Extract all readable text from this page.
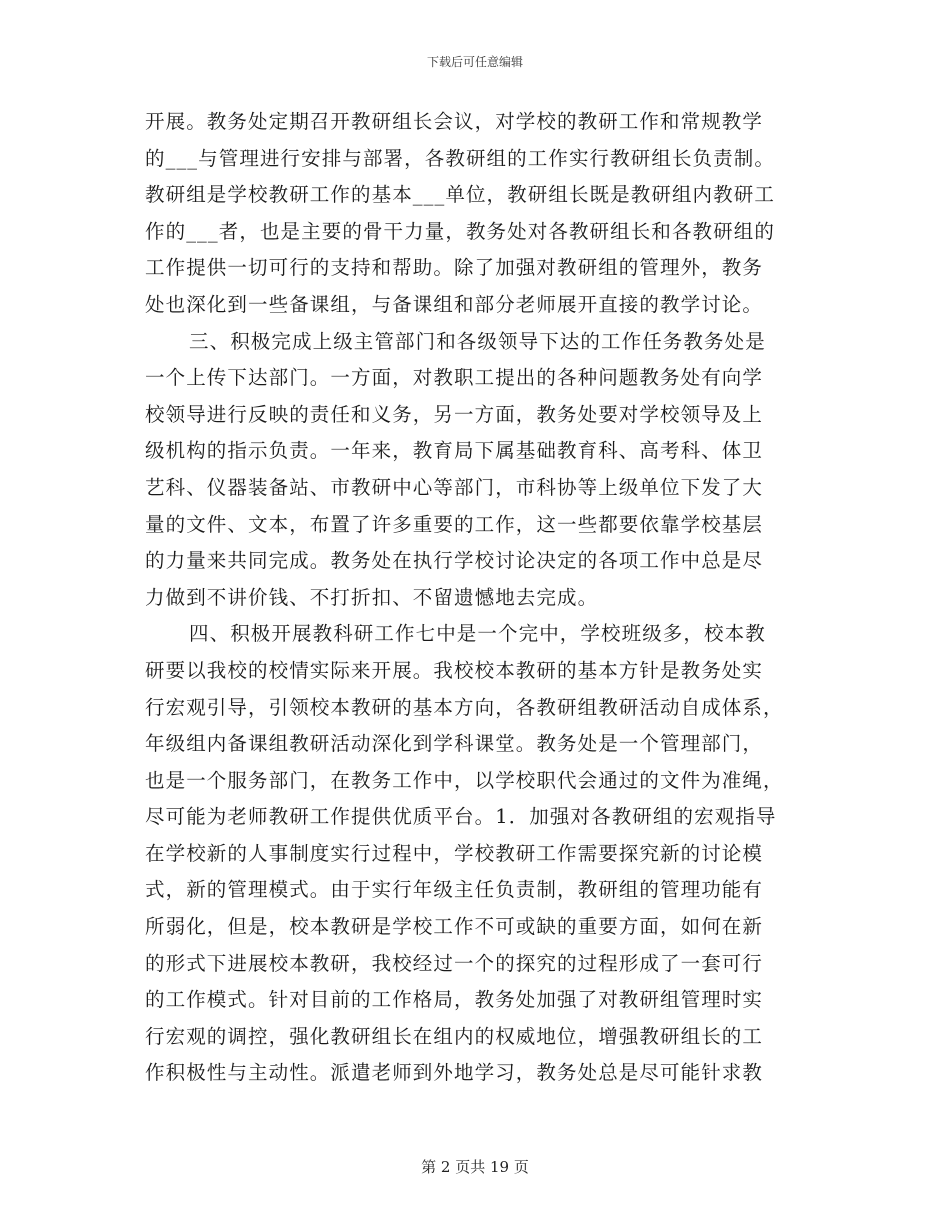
下载后可任意编辑
开展。教务处定期召开教研组长会议，对学校的教研工作和常规教学
的___与管理进行安排与部署，各教研组的工作实行教研组长负责制。
教研组是学校教研工作的基本___单位，教研组长既是教研组内教研工
作的___者，也是主要的骨干力量，教务处对各教研组长和各教研组的
工作提供一切可行的支持和帮助。除了加强对教研组的管理外，教务
处也深化到一些备课组，与备课组和部分老师展开直接的教学讨论。
三、积极完成上级主管部门和各级领导下达的工作任务教务处是
一个上传下达部门。一方面，对教职工提出的各种问题教务处有向学
校领导进行反映的责任和义务，另一方面，教务处要对学校领导及上
级机构的指示负责。一年来，教育局下属基础教育科、高考科、体卫
艺科、仪器装备站、市教研中心等部门，市科协等上级单位下发了大
量的文件、文本，布置了许多重要的工作，这一些都要依靠学校基层
的力量来共同完成。教务处在执行学校讨论决定的各项工作中总是尽
力做到不讲价钱、不打折扣、不留遗憾地去完成。
四、积极开展教科研工作七中是一个完中，学校班级多，校本教
研要以我校的校情实际来开展。我校校本教研的基本方针是教务处实
行宏观引导，引领校本教研的基本方向，各教研组教研活动自成体系，
年级组内备课组教研活动深化到学科课堂。教务处是一个管理部门，
也是一个服务部门，在教务工作中，以学校职代会通过的文件为准绳，
尽可能为老师教研工作提供优质平台。1．加强对各教研组的宏观指导
在学校新的人事制度实行过程中，学校教研工作需要探究新的讨论模
式，新的管理模式。由于实行年级主任负责制，教研组的管理功能有
所弱化，但是，校本教研是学校工作不可或缺的重要方面，如何在新
的形式下进展校本教研，我校经过一个的探究的过程形成了一套可行
的工作模式。针对目前的工作格局，教务处加强了对教研组管理时实
行宏观的调控，强化教研组长在组内的权威地位，增强教研组长的工
作积极性与主动性。派遣老师到外地学习，教务处总是尽可能针求教
第 2 页共 19 页
